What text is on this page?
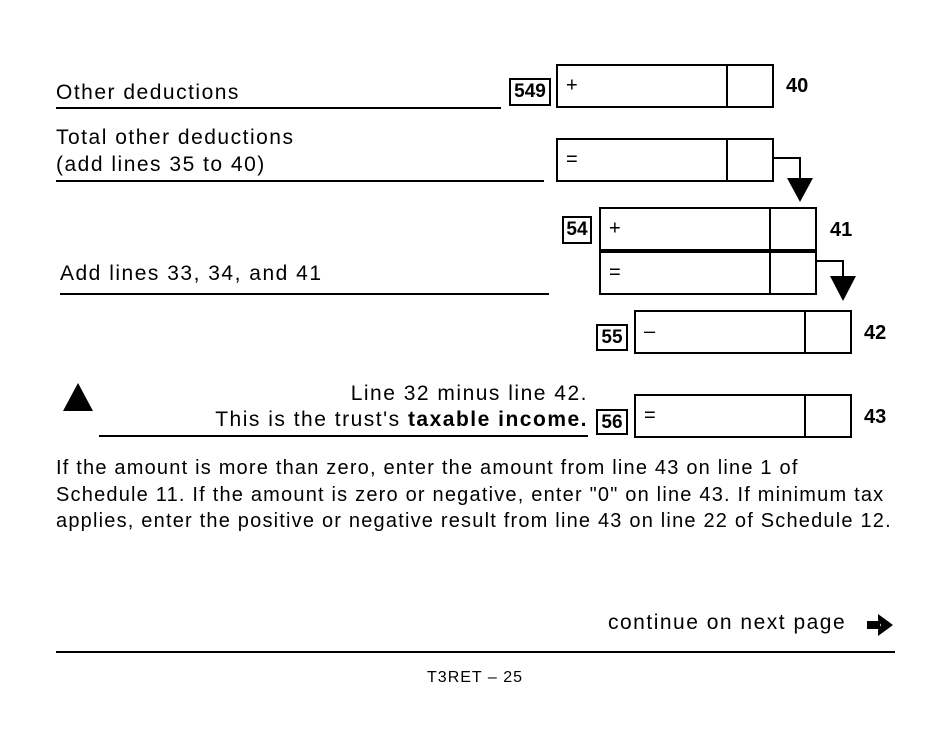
Other deductions	549 +	40
Total other deductions
(add lines 35 to 40)	=
54 +	41
Add lines 33, 34, and 41	=
55 –	42
Line 32 minus line 42.
This is the trust's taxable income. 56 =	43
If the amount is more than zero, enter the amount from line 43 on line 1 of Schedule 11. If the amount is zero or negative, enter "0" on line 43. If minimum tax applies, enter the positive or negative result from line 43 on line 22 of Schedule 12.
continue on next page
T3RET – 25
